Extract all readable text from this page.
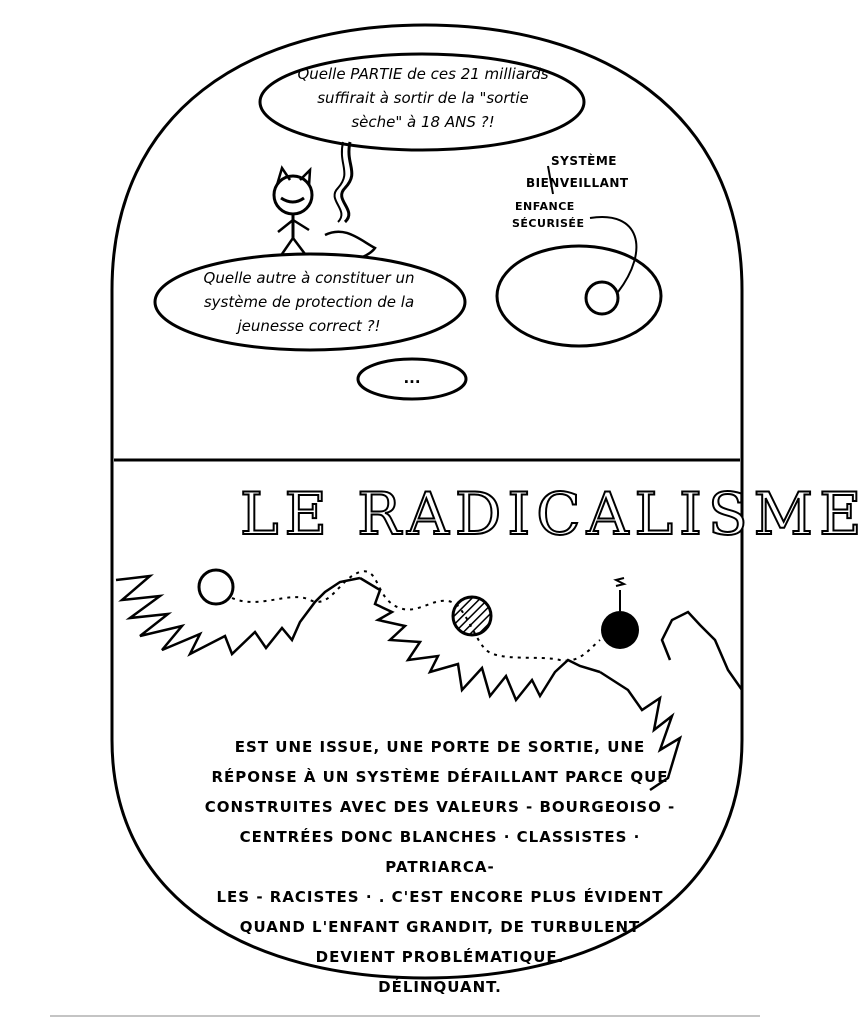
Quelle PARTIE de ces 21 milliards suffirait à sortir de la "sortie sèche" à 18 ANS ?!
Quelle autre à constituer un système de protection de la jeunesse correct ?!
...
SYSTÈME
BIENVEILLANT
ENFANCE
SÉCURISÉE
LE RADICALISME
EST UNE ISSUE, UNE PORTE DE SORTIE, UNE
RÉPONSE À UN SYSTÈME DÉFAILLANT PARCE QUE
CONSTRUITES AVEC DES VALEURS - BOURGEOISO -
CENTRÉES DONC BLANCHES · CLASSISTES · PATRIARCA-
LES - RACISTES · . C'EST ENCORE PLUS ÉVIDENT
QUAND L'ENFANT GRANDIT, DE TURBULENT
DEVIENT PROBLÉMATIQUE.
DÉLINQUANT.
